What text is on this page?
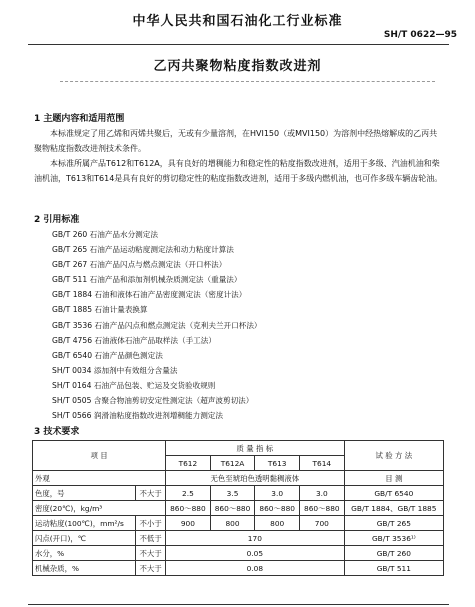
中华人民共和国石油化工行业标准
SH/T 0622—95
乙丙共聚物粘度指数改进剂
1 主题内容和适用范围
本标准规定了用乙烯和丙烯共聚后，无或有少量溶剂，在HVI150（或MVI150）为溶剂中经热熔解成的乙丙共聚物粘度指数改进剂技术条件。
本标准所属产品T612和T612A，具有良好的增稠能力和稳定性的粘度指数改进剂，适用于多级、汽油机油和柴油机油，T613和T614是具有良好的剪切稳定性的粘度指数改进剂，适用于多级内燃机油，也可作多级车辆齿轮油。
2 引用标准
GB/T 260 石油产品水分测定法
GB/T 265 石油产品运动粘度测定法和动力粘度计算法
GB/T 267 石油产品闪点与燃点测定法（开口杯法）
GB/T 511 石油产品和添加剂机械杂质测定法（重量法）
GB/T 1884 石油和液体石油产品密度测定法（密度计法）
GB/T 1885 石油计量表换算
GB/T 3536 石油产品闪点和燃点测定法（克利夫兰开口杯法）
GB/T 4756 石油液体石油产品取样法（手工法）
GB/T 6540 石油产品颜色测定法
SH/T 0034 添加剂中有效组分含量法
SH/T 0164 石油产品包装、贮运及交货验收规则
SH/T 0505 含聚合物油剪切安定性测定法（超声波剪切法）
SH/T 0566 润滑油粘度指数改进剂增稠能力测定法
3 技术要求
项 目		质 量 指 标				试 验 方 法
		T612	T612A	T613	T614	
外观		无色至琥珀色透明黏稠液体				目 测
色度，号	不大于	2.5	3.5	3.0	3.0	GB/T 6540
密度(20℃)，kg/m³		860～880	860～880	860～880	860～880	GB/T 1884、GB/T 1885
运动粘度(100℃)，mm²/s	不小于	900	800	800	700	GB/T 265
闪点(开口)，℃	不低于	170				GB/T 3536¹⁾
水分，%	不大于	0.05				GB/T 260
机械杂质，%	不大于	0.08				GB/T 511
